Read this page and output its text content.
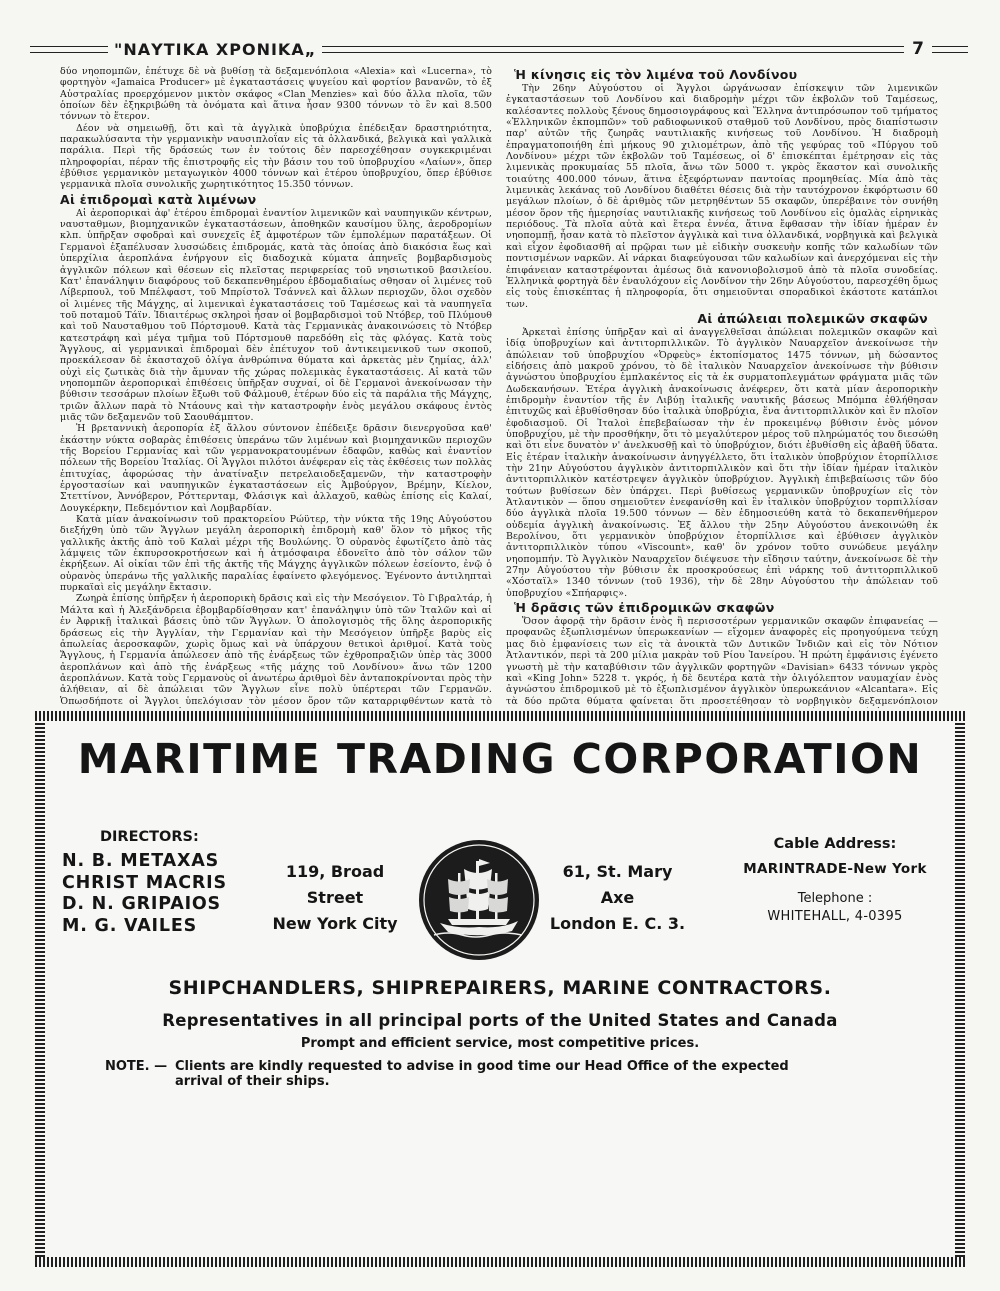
"ΝΑΥΤΙΚΑ ΧΡΟΝΙΚΑ„	7

δύο νηοπομπῶν, ἐπέτυχε δὲ νὰ βυθίσῃ τὰ δεξαμενόπλοια «Alexia» καὶ «Lucerna», τὸ φορτηγὸν «Jamaica Producer» μὲ ἐγκαταστάσεις ψυγείου καὶ φορτίον βανανῶν, τὸ ἐξ Αὐστραλίας προερχόμενον μικτὸν σκάφος «Clan Menzies» καὶ δύο ἄλλα πλοῖα, τῶν ὁποίων δὲν ἐξηκριβώθη τὰ ὀνόματα καὶ ἅτινα ἦσαν 9300 τόννων τὸ ἓν καὶ 8.500 τόννων τὸ ἕτερον.

Δέον νὰ σημειωθῇ, ὅτι καὶ τὰ ἀγγλικὰ ὑποβρύχια ἐπέδειξαν δραστηριότητα, παρακωλύσαντα τὴν γερμανικὴν ναυσιπλοΐαν εἰς τὰ ὁλλανδικά, βελγικὰ καὶ γαλλικὰ παράλια. Περὶ τῆς δράσεώς των ἐν τούτοις δὲν παρεσχέθησαν συγκεκριμέναι πληροφορίαι, πέραν τῆς ἐπιστροφῆς εἰς τὴν βάσιν του τοῦ ὑποβρυχίου «Λαίων», ὅπερ ἐβύθισε γερμανικὸν μεταγωγικὸν 4000 τόννων καὶ ἑτέρου ὑποβρυχίου, ὅπερ ἐβύθισε γερμανικὰ πλοῖα συνολικῆς χωρητικότητος 15.350 τόννων.

Αἱ ἐπιδρομαὶ κατὰ λιμένων

Αἱ ἀεροπορικαὶ ἀφ' ἑτέρου ἐπιδρομαὶ ἐναντίον λιμενικῶν καὶ ναυπηγικῶν κέντρων, ναυσταθμων, βιομηχανικῶν ἐγκαταστάσεων, ἀποθηκῶν καυσίμου ὕλης, ἀεροδρομίων κλπ. ὑπῆρξαν σφοδραὶ καὶ συνεχεῖς ἐξ ἀμφοτέρων τῶν ἐμπολέμων παρατάξεων. Οἱ Γερμανοὶ ἐξαπέλυσαν λυσσώδεις ἐπιδρομάς, κατὰ τὰς ὁποίας ἀπὸ διακόσια ἕως καὶ ὑπερχίλια ἀεροπλάνα ἐνήργουν εἰς διαδοχικὰ κύματα ἀπηνεῖς βομβαρδισμοὺς ἀγγλικῶν πόλεων καὶ θέσεων εἰς πλεῖστας περιφερείας τοῦ νησιωτικοῦ βασιλείου. Κατ' ἐπανάληψιν διαφόρους τοῦ δεκαπενθημέρου ἑβδομαδιαίως σθησαν οἱ λιμένες τοῦ Λίβερπουλ, τοῦ Μπέλφαστ, τοῦ Μπρίστολ Τσάννελ καὶ ἄλλων περιοχῶν, ὅλοι σχεδὸν οἱ λιμένες τῆς Μάγχης, αἱ λιμενικαὶ ἐγκαταστάσεις τοῦ Ταμέσεως καὶ τὰ ναυπηγεῖα τοῦ ποταμοῦ Τάϊν. Ἰδιαιτέρως σκληροὶ ἦσαν οἱ βομβαρδισμοὶ τοῦ Ντόβερ, τοῦ Πλύμουθ καὶ τοῦ Ναυσταθμου τοῦ Πόρτσμουθ. Κατὰ τὰς Γερμανικὰς ἀνακοινώσεις τὸ Ντόβερ κατεστράφη καὶ μέγα τμῆμα τοῦ Πόρτσμουθ παρεδόθη εἰς τὰς φλόγας. Κατὰ τοὺς Ἄγγλους, αἱ γερμανικαὶ ἐπιδρομαὶ δὲν ἐπέτυχον τοῦ ἀντικειμενικοῦ των σκοποῦ, προεκάλεσαν δὲ ἑκασταχοῦ ὀλίγα ἀνθρώπινα θύματα καὶ ἀρκετὰς μὲν ζημίας, ἀλλ' οὐχὶ εἰς ζωτικὰς διὰ τὴν ἄμυναν τῆς χώρας πολεμικὰς ἐγκαταστάσεις. Αἱ κατὰ τῶν νηοπομπῶν ἀεροπορικαὶ ἐπιθέσεις ὑπῆρξαν συχναί, οἱ δὲ Γερμανοὶ ἀνεκοίνωσαν τὴν βύθισιν τεσσάρων πλοίων ἔξωθι τοῦ Φάλμουθ, ἑτέρων δύο εἰς τὰ παράλια τῆς Μάγχης, τριῶν ἄλλων παρὰ τὸ Ντάουνς καὶ τὴν καταστροφὴν ἑνὸς μεγάλου σκάφους ἐντὸς μιᾶς τῶν δεξαμενῶν τοῦ Σαουθάμπτον.

Ἡ βρεταννικὴ ἀεροπορία ἐξ ἄλλου σύντονον ἐπέδειξε δρᾶσιν διενεργοῦσα καθ' ἑκάστην νύκτα σοβαρὰς ἐπιθέσεις ὑπεράνω τῶν λιμένων καὶ βιομηχανικῶν περιοχῶν τῆς Βορείου Γερμανίας καὶ τῶν γερμανοκρατουμένων ἐδαφῶν, καθὼς καὶ ἐναντίον πόλεων τῆς Βορείου Ἰταλίας. Οἱ Ἄγγλοι πιλότοι ἀνέφεραν εἰς τὰς ἐκθέσεις των πολλὰς ἐπιτυχίας, ἀφορώσας τὴν ἀνατίναξιν πετρελαιοδεξαμενῶν, τὴν καταστροφὴν ἐργοστασίων καὶ ναυπηγικῶν ἐγκαταστάσεων εἰς Ἀμβούργον, Βρέμην, Κίελον, Στεττίνον, Ἀννόβερον, Ρόττερνταμ, Φλάσιγκ καὶ ἀλλαχοῦ, καθὼς ἐπίσης εἰς Καλαί, Δουγκέρκην, Πεδεμόντιον καὶ Λομβαρδίαν.

Κατὰ μίαν ἀνακοίνωσιν τοῦ πρακτορείου Ρώϋτερ, τὴν νύκτα τῆς 19ης Αὐγούστου διεξήχθη ὑπὸ τῶν Ἄγγλων μεγάλη ἀεροπορικὴ ἐπιδρομὴ καθ' ὅλον τὸ μῆκος τῆς γαλλικῆς ἀκτῆς ἀπὸ τοῦ Καλαὶ μέχρι τῆς Βουλώνης. Ὁ οὐρανὸς ἐφωτίζετο ἀπὸ τὰς λάμψεις τῶν ἐκπυρσοκροτήσεων καὶ ἡ ἀτμόσφαιρα ἐδονεῖτο ἀπὸ τὸν σάλον τῶν ἐκρήξεων. Αἱ οἰκίαι τῶν ἐπὶ τῆς ἀκτῆς τῆς Μάγχης ἀγγλικῶν πόλεων ἐσείοντο, ἐνῷ ὁ οὐρανὸς ὑπεράνω τῆς γαλλικῆς παραλίας ἐφαίνετο φλεγόμενος. Ἐγένοντο ἀντιληπταὶ πυρκαϊαὶ εἰς μεγάλην ἔκτασιν.

Ζωηρὰ ἐπίσης ὑπῆρξεν ἡ ἀεροπορικὴ δρᾶσις καὶ εἰς τὴν Μεσόγειον. Τὸ Γιβραλτάρ, ἡ Μάλτα καὶ ἡ Ἀλεξάνδρεια ἐβομβαρδίσθησαν κατ' ἐπανάληψιν ὑπὸ τῶν Ἰταλῶν καὶ αἱ ἐν Ἀφρικῇ ἰταλικαὶ βάσεις ὑπὸ τῶν Ἄγγλων. Ὁ ἀπολογισμὸς τῆς ὅλης ἀεροπορικῆς δράσεως εἰς τὴν Ἀγγλίαν, τὴν Γερμανίαν καὶ τὴν Μεσόγειον ὑπῆρξε βαρὺς εἰς ἀπωλείας ἀεροσκαφῶν, χωρὶς ὅμως καὶ νὰ ὑπάρχουν θετικοὶ ἀριθμοί. Κατὰ τοὺς Ἄγγλους, ἡ Γερμανία ἀπώλεσεν ἀπὸ τῆς ἐνάρξεως τῶν ἐχθροπραξιῶν ὑπὲρ τὰς 3000 ἀεροπλάνων καὶ ἀπὸ τῆς ἐνάρξεως «τῆς μάχης τοῦ Λονδίνου» ἄνω τῶν 1200 ἀεροπλάνων. Κατὰ τοὺς Γερμανοὺς οἱ ἀνωτέρω ἀριθμοὶ δὲν ἀνταποκρίνονται πρὸς τὴν ἀλήθειαν, αἱ δὲ ἀπώλειαι τῶν Ἄγγλων εἶνε πολὺ ὑπέρτεραι τῶν Γερμανῶν. Ὁπωσδήποτε οἱ Ἄγγλοι ὑπελόγισαν τὸν μέσον ὅρον τῶν καταρριφθέντων κατὰ τὸ

Ἡ κίνησις εἰς τὸν λιμένα τοῦ Λονδίνου

Τὴν 26ην Αὐγούστου οἱ Ἄγγλοι ὠργάνωσαν ἐπίσκεψιν τῶν λιμενικῶν ἐγκαταστάσεων τοῦ Λονδίνου καὶ διαδρομὴν μέχρι τῶν ἐκβολῶν τοῦ Ταμέσεως, καλέσαντες πολλοὺς ξένους δημοσιογράφους καὶ Ἕλληνα ἀντιπρόσωπον τοῦ τμήματος «Ἑλληνικῶν ἐκπομπῶν» τοῦ ραδιοφωνικοῦ σταθμοῦ τοῦ Λονδίνου, πρὸς διαπίστωσιν παρ' αὐτῶν τῆς ζωηρᾶς ναυτιλιακῆς κινήσεως τοῦ Λονδίνου. Ἡ διαδρομὴ ἐπραγματοποιήθη ἐπὶ μήκους 90 χιλιομέτρων, ἀπὸ τῆς γεφύρας τοῦ «Πύργου τοῦ Λονδίνου» μέχρι τῶν ἐκβολῶν τοῦ Ταμέσεως, οἱ δ' ἐπισκέπται ἐμέτρησαν εἰς τὰς λιμενικὰς προκυμαίας 55 πλοῖα, ἄνω τῶν 5000 τ. γκρὸς ἕκαστον καὶ συνολικῆς τοιαύτης 400.000 τόνων, ἅτινα ἐξεφόρτωναν παντοίας προμηθείας. Μία ἀπὸ τὰς λιμενικὰς λεκάνας τοῦ Λονδίνου διαθέτει θέσεις διὰ τὴν ταυτόχρονον ἐκφόρτωσιν 60 μεγάλων πλοίων, ὁ δὲ ἀριθμὸς τῶν μετρηθέντων 55 σκαφῶν, ὑπερέβαινε τὸν συνήθη μέσον ὅρον τῆς ἡμερησίας ναυτιλιακῆς κινήσεως τοῦ Λονδίνου εἰς ὁμαλὰς εἰρηνικὰς περιόδους. Τὰ πλοῖα αὐτὰ καὶ ἕτερα ἐννέα, ἅτινα ἔφθασαν τὴν ἰδίαν ἡμέραν ἐν νηοπομπῇ, ἦσαν κατὰ τὸ πλεῖστον ἀγγλικὰ καὶ τινα ὀλλανδικά, νορβηγικὰ καὶ βελγικὰ καὶ εἶχον ἐφοδιασθῆ αἱ πρῷραι των μὲ εἰδικὴν συσκευὴν κοπῆς τῶν καλωδίων τῶν ποντισμένων ναρκῶν. Αἱ νάρκαι διαφεύγουσαι τῶν καλωδίων καὶ ἀνερχόμεναι εἰς τὴν ἐπιφάνειαν καταστρέφονται ἀμέσως διὰ κανονιοβολισμοῦ ἀπὸ τὰ πλοῖα συνοδείας. Ἑλληνικὰ φορτηγὰ δὲν ἐναυλόχουν εἰς Λονδίνον τὴν 26ην Αὐγούστου, παρεσχέθη ὅμως εἰς τοὺς ἐπισκέπτας ἡ πληροφορία, ὅτι σημειοῦνται σποραδικοὶ ἑκάστοτε κατάπλοι των.

Αἱ ἀπώλειαι πολεμικῶν σκαφῶν

Ἀρκεταὶ ἐπίσης ὑπῆρξαν καὶ αἱ ἀναγγελθεῖσαι ἀπώλειαι πολεμικῶν σκαφῶν καὶ ἰδίᾳ ὑποβρυχίων καὶ ἀντιτορπιλλικῶν. Τὸ ἀγγλικὸν Ναυαρχεῖον ἀνεκοίνωσε τὴν ἀπώλειαν τοῦ ὑποβρυχίου «Ὀρφεὺς» ἐκτοπίσματος 1475 τόννων, μὴ δώσαντος εἰδήσεις ἀπὸ μακροῦ χρόνου, τὸ δὲ ἰταλικὸν Ναυαρχεῖον ἀνεκοίνωσε τὴν βύθισιν ἀγνώστου ὑποβρυχίου ἐμπλακέντος εἰς τὰ ἐκ συρματοπλεγμάτων φράγματα μιᾶς τῶν Δωδεκανήσων. Ἑτέρα ἀγγλικὴ ἀνακοίνωσις ἀνέφερεν, ὅτι κατὰ μίαν ἀεροπορικὴν ἐπιδρομὴν ἐναντίον τῆς ἐν Λιβύῃ ἰταλικῆς ναυτικῆς βάσεως Μπόμπα ἐθλήθησαν ἐπιτυχῶς καὶ ἐβυθίσθησαν δύο ἰταλικὰ ὑποβρύχια, ἕνα ἀντιτορπιλλικὸν καὶ ἓν πλοῖον ἐφοδιασμοῦ. Οἱ Ἰταλοὶ ἐπεβεβαίωσαν τὴν ἐν προκειμένῳ βύθισιν ἑνὸς μόνον ὑποβρυχίου, μὲ τὴν προσθήκην, ὅτι τὸ μεγαλύτερον μέρος τοῦ πληρώματός του διεσώθη καὶ ὅτι εἶνε δυνατὸν ν' ἀνελκυσθῇ καὶ τὸ ὑποβρύχιον, διότι ἐβυθίσθη εἰς ἀβαθῆ ὕδατα. Εἰς ἑτέραν ἰταλικὴν ἀνακοίνωσιν ἀνηγγέλλετο, ὅτι ἰταλικὸν ὑποβρύχιον ἐτορπίλλισε τὴν 21ην Αὐγούστου ἀγγλικὸν ἀντιτορπιλλικὸν καὶ ὅτι τὴν ἰδίαν ἡμέραν ἰταλικὸν ἀντιτορπιλλικὸν κατέστρεψεν ἀγγλικὸν ὑποβρύχιον. Ἀγγλικὴ ἐπιβεβαίωσις τῶν δύο τούτων βυθίσεων δὲν ὑπάρχει. Περὶ βυθίσεως γερμανικῶν ὑποβρυχίων εἰς τὸν Ἀτλαντικὸν — ὅπου σημειοῦτεν ἐνεφανίσθη καὶ ἓν ἰταλικὸν ὑποβρύχιον τορπιλλίσαν δύο ἀγγλικὰ πλοῖα 19.500 τόννων — δὲν ἐδημοσιεύθη κατὰ τὸ δεκαπενθήμερον οὐδεμία ἀγγλικὴ ἀνακοίνωσις. Ἐξ ἄλλου τὴν 25ην Αὐγούστου ἀνεκοινώθη ἐκ Βερολίνου, ὅτι γερμανικὸν ὑποβρύχιον ἐτορπίλλισε καὶ ἐβύθισεν ἀγγλικὸν ἀντιτορπιλλικὸν τύπου «Viscount», καθ' ὃν χρόνον τοῦτο συνώδευε μεγάλην νηοπομπήν. Τὸ Ἀγγλικὸν Ναυαρχεῖον διέψευσε τὴν εἴδησιν ταύτην, ἀνεκοίνωσε δὲ τὴν 27ην Αὐγούστου τὴν βύθισιν ἐκ προσκρούσεως ἐπὶ νάρκης τοῦ ἀντιτορπιλλικοῦ «Χόσταϊλ» 1340 τόννων (τοῦ 1936), τὴν δὲ 28ην Αὐγούστου τὴν ἀπώλειαν τοῦ ὑποβρυχίου «Σπήαρφις».

Ἡ δρᾶσις τῶν ἐπιδρομικῶν σκαφῶν

Ὅσον ἀφορᾷ τὴν δρᾶσιν ἑνὸς ἢ περισσοτέρων γερμανικῶν σκαφῶν ἐπιφανείας — προφανῶς ἐξωπλισμένων ὑπερωκεανίων — εἴχομεν ἀναφορὲς εἰς προηγούμενα τεύχη μας διὸ ἐμφανίσεις των εἰς τὰ ἀνοικτὰ τῶν Δυτικῶν Ἰνδιῶν καὶ εἰς τὸν Νότιον Ἀτλαντικόν, περὶ τὰ 200 μίλια μακρὰν τοῦ Ρίου Ἰανείρου. Ἡ πρώτη ἐμφάνισις ἐγένετο γνωστὴ μὲ τὴν καταβύθισιν τῶν ἀγγλικῶν φορτηγῶν «Davisian» 6433 τόννων γκρὸς καὶ «King John» 5228 τ. γκρός, ἡ δὲ δευτέρα κατὰ τὴν ὀλιγόλεπτον ναυμαχίαν ἑνὸς ἀγνώστου ἐπιδρομικοῦ μὲ τὸ ἐξωπλισμένον ἀγγλικὸν ὑπερωκεάνιον «Alcantara». Εἰς τὰ δύο πρῶτα θύματα φαίνεται ὅτι προσετέθησαν τὸ νορβηγικὸν δεξαμενόπλοιον

MARITIME TRADING CORPORATION
DIRECTORS:
N. B. METAXAS
CHRIST MACRIS
D. N. GRIPAIOS
M. G. VAILES
119, Broad Street
New York City
61, St. Mary Axe
London E. C. 3.
Cable Address:
MARINTRADE-New York
Telephone :
WHITEHALL, 4-0395
SHIPCHANDLERS, SHIPREPAIRERS, MARINE CONTRACTORS.
Representatives in all principal ports of the United States and Canada
Prompt and efficient service, most competitive prices.
NOTE. — Clients are kindly requested to advise in good time our Head Office of the expected
arrival of their ships.
